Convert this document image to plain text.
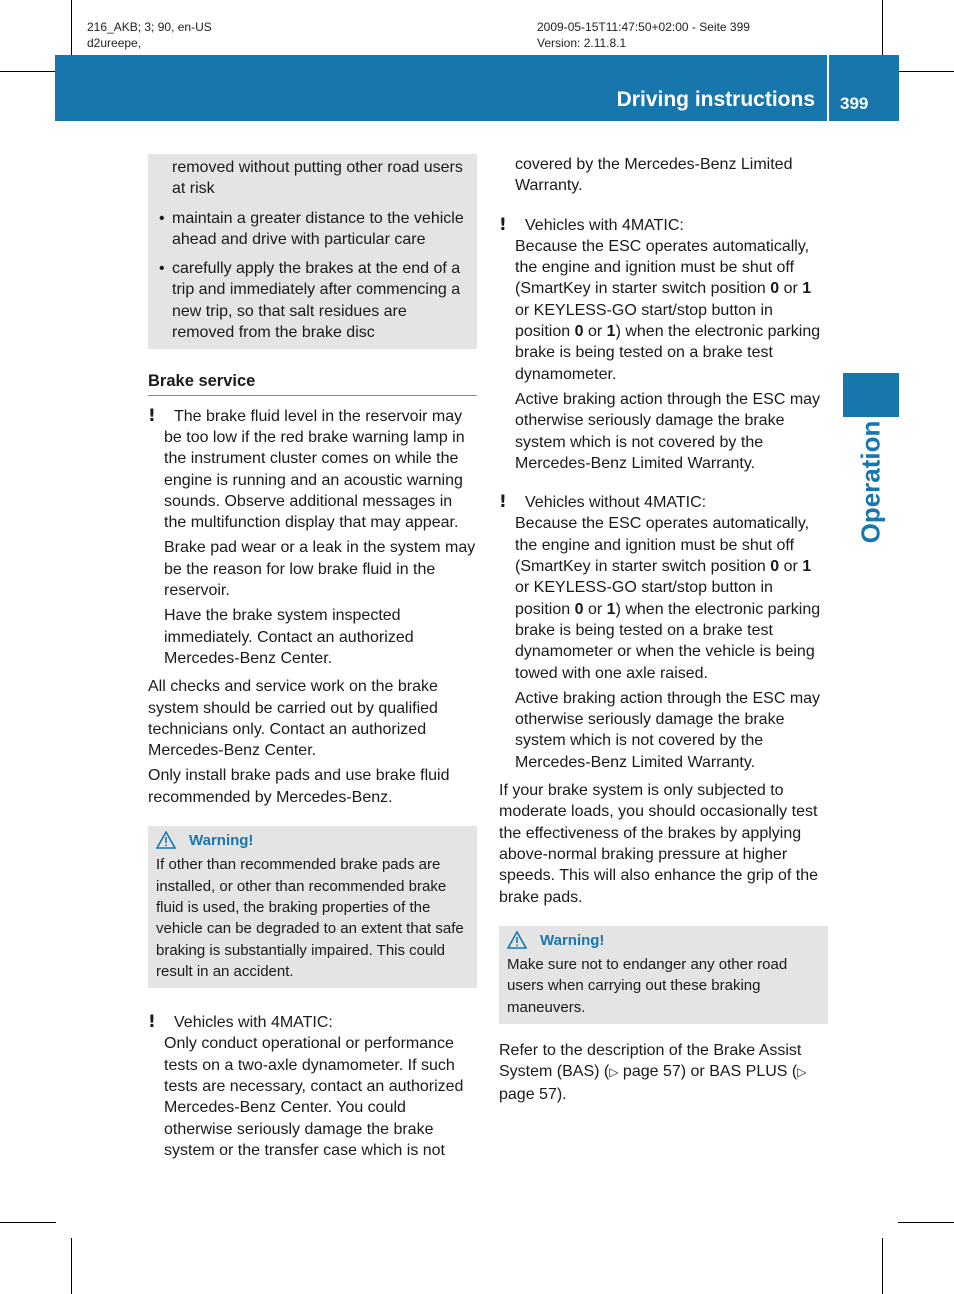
216_AKB; 3; 90, en-US
d2ureepe,
2009-05-15T11:47:50+02:00 - Seite 399
Version: 2.11.8.1
Driving instructions 399
Operation

removed without putting other road users at risk

• maintain a greater distance to the vehicle ahead and drive with particular care

• carefully apply the brakes at the end of a trip and immediately after commencing a new trip, so that salt residues are removed from the brake disc

Brake service
!	The brake fluid level in the reservoir may be too low if the red brake warning lamp in the instrument cluster comes on while the engine is running and an acoustic warning sounds. Observe additional messages in the multifunction display that may appear.

Brake pad wear or a leak in the system may be the reason for low brake fluid in the reservoir.

Have the brake system inspected immediately. Contact an authorized Mercedes-Benz Center.

All checks and service work on the brake system should be carried out by qualified technicians only. Contact an authorized Mercedes-Benz Center.

Only install brake pads and use brake fluid recommended by Mercedes-Benz.

Warning!

If other than recommended brake pads are installed, or other than recommended brake fluid is used, the braking properties of the vehicle can be degraded to an extent that safe braking is substantially impaired. This could result in an accident.

!	Vehicles with 4MATIC:

Only conduct operational or performance tests on a two-axle dynamometer. If such tests are necessary, contact an authorized Mercedes-Benz Center. You could otherwise seriously damage the brake system or the transfer case which is not

covered by the Mercedes-Benz Limited Warranty.

!	Vehicles with 4MATIC:

Because the ESC operates automatically, the engine and ignition must be shut off (SmartKey in starter switch position 0 or 1 or KEYLESS-GO start/stop button in position 0 or 1) when the electronic parking brake is being tested on a brake test dynamometer.

Active braking action through the ESC may otherwise seriously damage the brake system which is not covered by the Mercedes-Benz Limited Warranty.

!	Vehicles without 4MATIC:

Because the ESC operates automatically, the engine and ignition must be shut off (SmartKey in starter switch position 0 or 1 or KEYLESS-GO start/stop button in position 0 or 1) when the electronic parking brake is being tested on a brake test dynamometer or when the vehicle is being towed with one axle raised.

Active braking action through the ESC may otherwise seriously damage the brake system which is not covered by the Mercedes-Benz Limited Warranty.

If your brake system is only subjected to moderate loads, you should occasionally test the effectiveness of the brakes by applying above-normal braking pressure at higher speeds. This will also enhance the grip of the brake pads.

Warning!

Make sure not to endanger any other road users when carrying out these braking maneuvers.

Refer to the description of the Brake Assist System (BAS) (▷ page 57) or BAS PLUS (▷ page 57).
